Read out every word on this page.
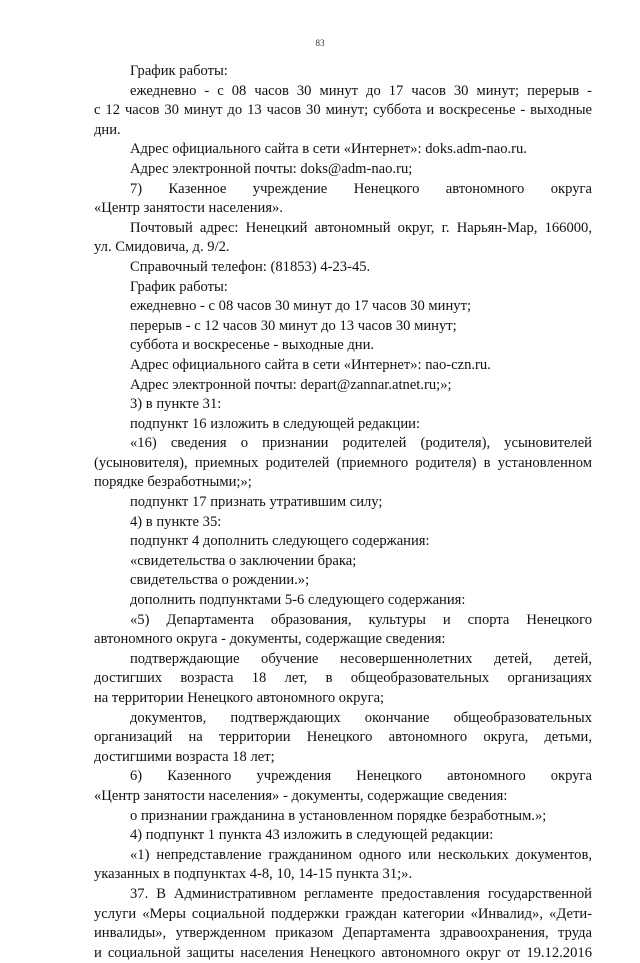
83
График работы:
ежедневно - с 08 часов 30 минут до 17 часов 30 минут; перерыв -
с 12 часов 30 минут до 13 часов 30 минут; суббота и воскресенье - выходные
дни.
Адрес официального сайта в сети «Интернет»: doks.adm-nao.ru.
Адрес электронной почты: doks@adm-nao.ru;
7) Казенное учреждение Ненецкого автономного округа
«Центр занятости населения».
Почтовый адрес: Ненецкий автономный округ, г. Нарьян-Мар, 166000,
ул. Смидовича, д. 9/2.
Справочный телефон: (81853) 4-23-45.
График работы:
ежедневно - с 08 часов 30 минут до 17 часов 30 минут;
перерыв - с 12 часов 30 минут до 13 часов 30 минут;
суббота и воскресенье - выходные дни.
Адрес официального сайта в сети «Интернет»: nao-czn.ru.
Адрес электронной почты: depart@zannar.atnet.ru;»;
3) в пункте 31:
подпункт 16 изложить в следующей редакции:
«16) сведения о признании родителей (родителя), усыновителей
(усыновителя), приемных родителей (приемного родителя) в установленном
порядке безработными;»;
подпункт 17 признать утратившим силу;
4) в пункте 35:
подпункт 4 дополнить следующего содержания:
«свидетельства о заключении брака;
свидетельства о рождении.»;
дополнить подпунктами 5-6 следующего содержания:
«5) Департамента образования, культуры и спорта Ненецкого
автономного округа - документы, содержащие сведения:
подтверждающие обучение несовершеннолетних детей, детей,
достигших возраста 18 лет, в общеобразовательных организациях
на территории Ненецкого автономного округа;
документов, подтверждающих окончание общеобразовательных
организаций на территории Ненецкого автономного округа, детьми,
достигшими возраста 18 лет;
6) Казенного учреждения Ненецкого автономного округа
«Центр занятости населения» - документы, содержащие сведения:
о признании гражданина в установленном порядке безработным.»;
4) подпункт 1 пункта 43 изложить в следующей редакции:
«1) непредставление гражданином одного или нескольких документов,
указанных в подпунктах 4-8, 10, 14-15 пункта 31;».
37. В Административном регламенте предоставления государственной
услуги «Меры социальной поддержки граждан категории «Инвалид», «Дети-
инвалиды», утвержденном приказом Департамента здравоохранения, труда
и социальной защиты населения Ненецкого автономного округ от 19.12.2016
